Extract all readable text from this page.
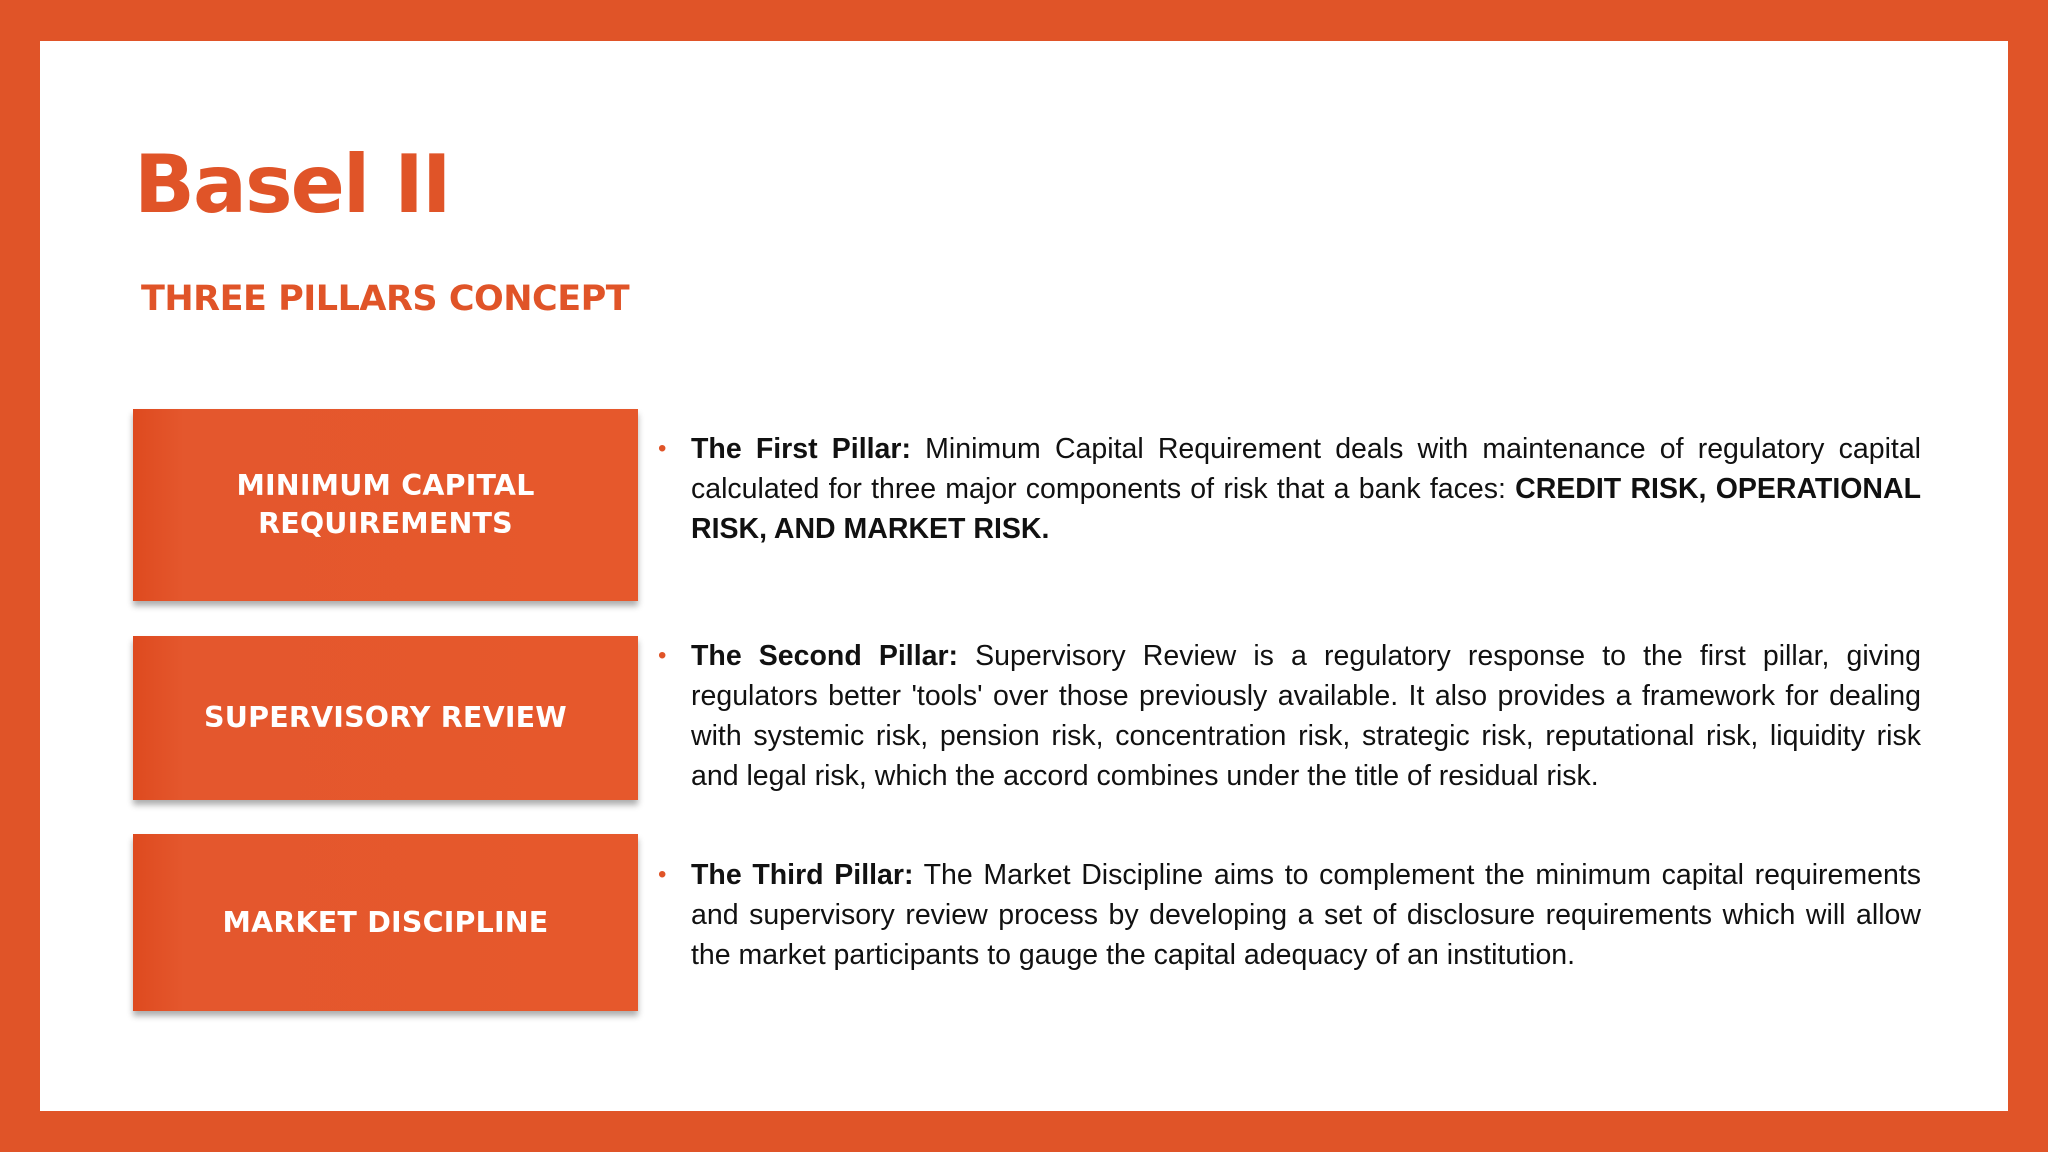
Basel II
THREE PILLARS CONCEPT
MINIMUM CAPITAL
REQUIREMENTS
SUPERVISORY REVIEW
MARKET DISCIPLINE

• The First Pillar: Minimum Capital Requirement deals with maintenance of regulatory capital calculated for three major components of risk that a bank faces: CREDIT RISK, OPERATIONAL RISK, AND MARKET RISK.

• The Second Pillar: Supervisory Review is a regulatory response to the first pillar, giving regulators better 'tools' over those previously available. It also provides a framework for dealing with systemic risk, pension risk, concentration risk, strategic risk, reputational risk, liquidity risk and legal risk, which the accord combines under the title of residual risk.

• The Third Pillar: The Market Discipline aims to complement the minimum capital requirements and supervisory review process by developing a set of disclosure requirements which will allow the market participants to gauge the capital adequacy of an institution.
